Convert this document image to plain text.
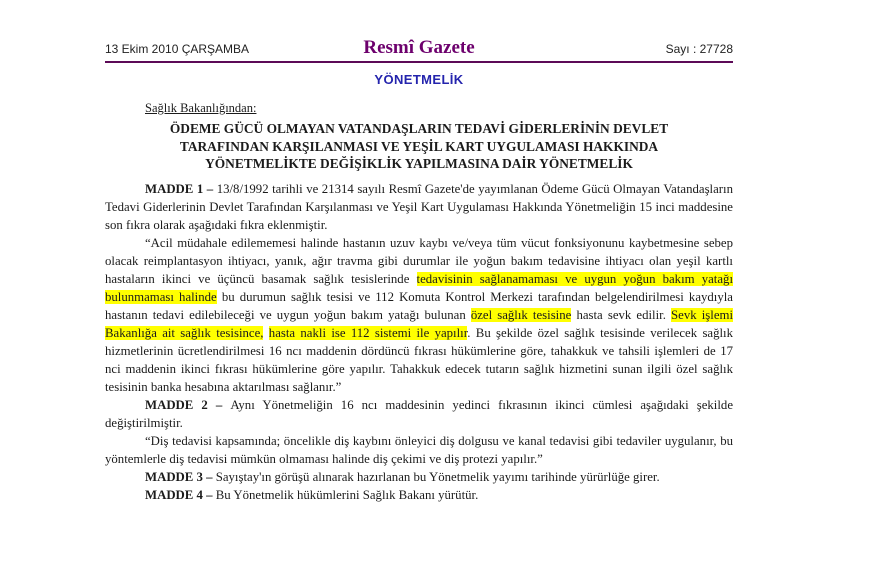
13 Ekim 2010 ÇARŞAMBA	Resmî Gazete	Sayı : 27728
YÖNETMELİK
Sağlık Bakanlığından:
ÖDEME GÜCÜ OLMAYAN VATANDAŞLARIN TEDAVİ GİDERLERİNİN DEVLET
TARAFINDAN KARŞILANMASI VE YEŞİL KART UYGULAMASI HAKKINDA
YÖNETMELİKTE DEĞİŞİKLİK YAPILMASINA DAİR YÖNETMELİK

MADDE 1 – 13/8/1992 tarihli ve 21314 sayılı Resmî Gazete'de yayımlanan Ödeme Gücü Olmayan Vatandaşların Tedavi Giderlerinin Devlet Tarafından Karşılanması ve Yeşil Kart Uygulaması Hakkında Yönetmeliğin 15 inci maddesine son fıkra olarak aşağıdaki fıkra eklenmiştir.

“Acil müdahale edilememesi halinde hastanın uzuv kaybı ve/veya tüm vücut fonksiyonunu kaybetmesine sebep olacak reimplantasyon ihtiyacı, yanık, ağır travma gibi durumlar ile yoğun bakım tedavisine ihtiyacı olan yeşil kartlı hastaların ikinci ve üçüncü basamak sağlık tesislerinde tedavisinin sağlanamaması ve uygun yoğun bakım yatağı bulunmaması halinde bu durumun sağlık tesisi ve 112 Komuta Kontrol Merkezi tarafından belgelendirilmesi kaydıyla hastanın tedavi edilebileceği ve uygun yoğun bakım yatağı bulunan özel sağlık tesisine hasta sevk edilir. Sevk işlemi Bakanlığa ait sağlık tesisince, hasta nakli ise 112 sistemi ile yapılır. Bu şekilde özel sağlık tesisinde verilecek sağlık hizmetlerinin ücretlendirilmesi 16 ncı maddenin dördüncü fıkrası hükümlerine göre, tahakkuk ve tahsili işlemleri de 17 nci maddenin ikinci fıkrası hükümlerine göre yapılır. Tahakkuk edecek tutarın sağlık hizmetini sunan ilgili özel sağlık tesisinin banka hesabına aktarılması sağlanır.”

MADDE 2 – Aynı Yönetmeliğin 16 ncı maddesinin yedinci fıkrasının ikinci cümlesi aşağıdaki şekilde değiştirilmiştir.

“Diş tedavisi kapsamında; öncelikle diş kaybını önleyici diş dolgusu ve kanal tedavisi gibi tedaviler uygulanır, bu yöntemlerle diş tedavisi mümkün olmaması halinde diş çekimi ve diş protezi yapılır.”

MADDE 3 – Sayıştay'ın görüşü alınarak hazırlanan bu Yönetmelik yayımı tarihinde yürürlüğe girer.

MADDE 4 – Bu Yönetmelik hükümlerini Sağlık Bakanı yürütür.
